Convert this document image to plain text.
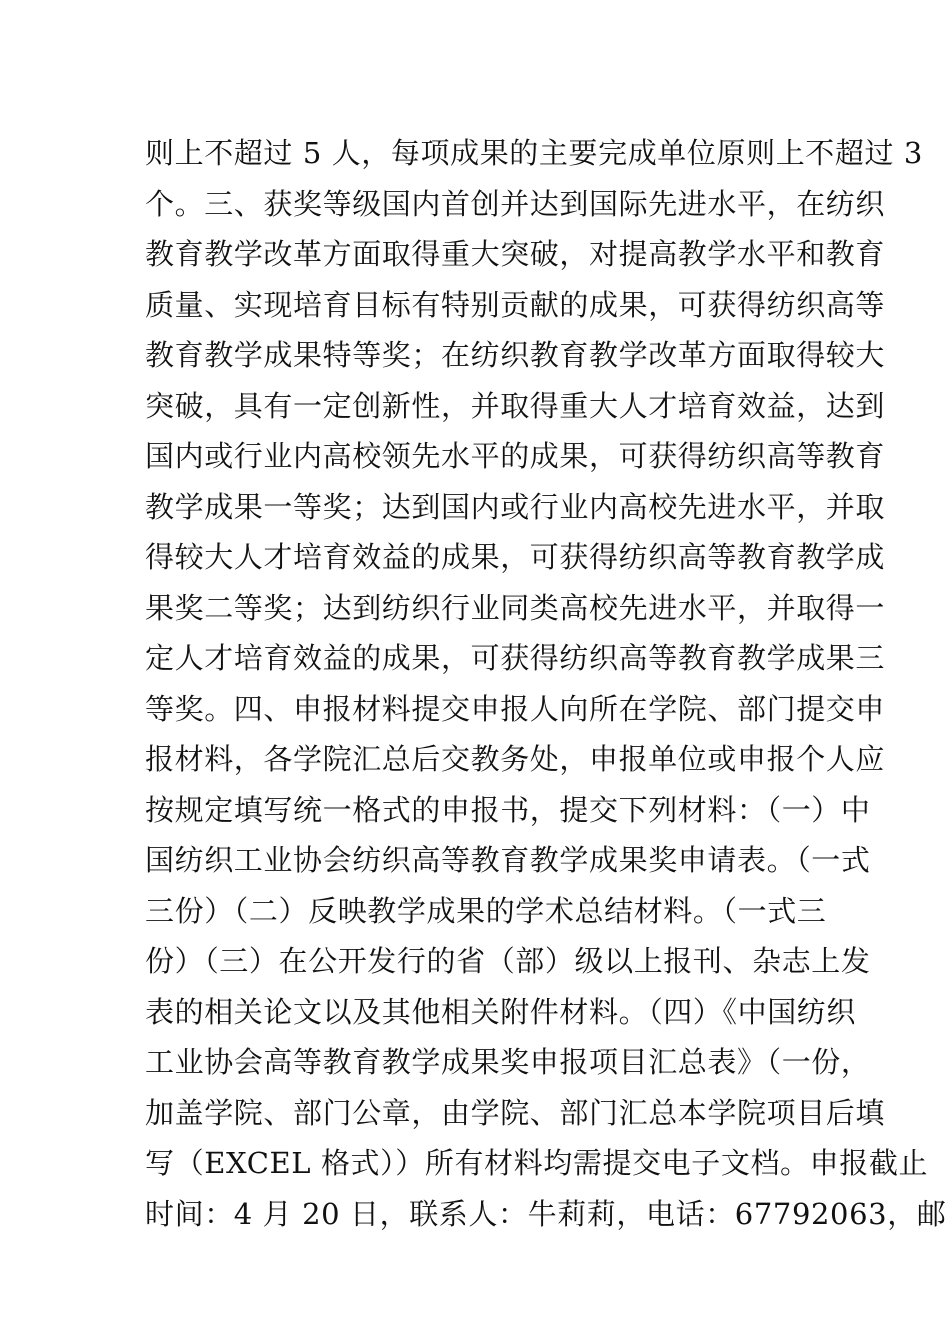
则上不超过 5 人，每项成果的主要完成单位原则上不超过 3
个。三、获奖等级国内首创并达到国际先进水平，在纺织
教育教学改革方面取得重大突破，对提高教学水平和教育
质量、实现培育目标有特别贡献的成果，可获得纺织高等
教育教学成果特等奖；在纺织教育教学改革方面取得较大
突破，具有一定创新性，并取得重大人才培育效益，达到
国内或行业内高校领先水平的成果，可获得纺织高等教育
教学成果一等奖；达到国内或行业内高校先进水平，并取
得较大人才培育效益的成果，可获得纺织高等教育教学成
果奖二等奖；达到纺织行业同类高校先进水平，并取得一
定人才培育效益的成果，可获得纺织高等教育教学成果三
等奖。四、申报材料提交申报人向所在学院、部门提交申
报材料，各学院汇总后交教务处，申报单位或申报个人应
按规定填写统一格式的申报书，提交下列材料：（一）中
国纺织工业协会纺织高等教育教学成果奖申请表。（一式
三份）（二）反映教学成果的学术总结材料。（一式三
份）（三）在公开发行的省（部）级以上报刊、杂志上发
表的相关论文以及其他相关附件材料。（四）《中国纺织
工业协会高等教育教学成果奖申报项目汇总表》（一份，
加盖学院、部门公章，由学院、部门汇总本学院项目后填
写（EXCEL 格式））所有材料均需提交电子文档。申报截止
时间：4 月 20 日，联系人：牛莉莉，电话：67792063，邮
